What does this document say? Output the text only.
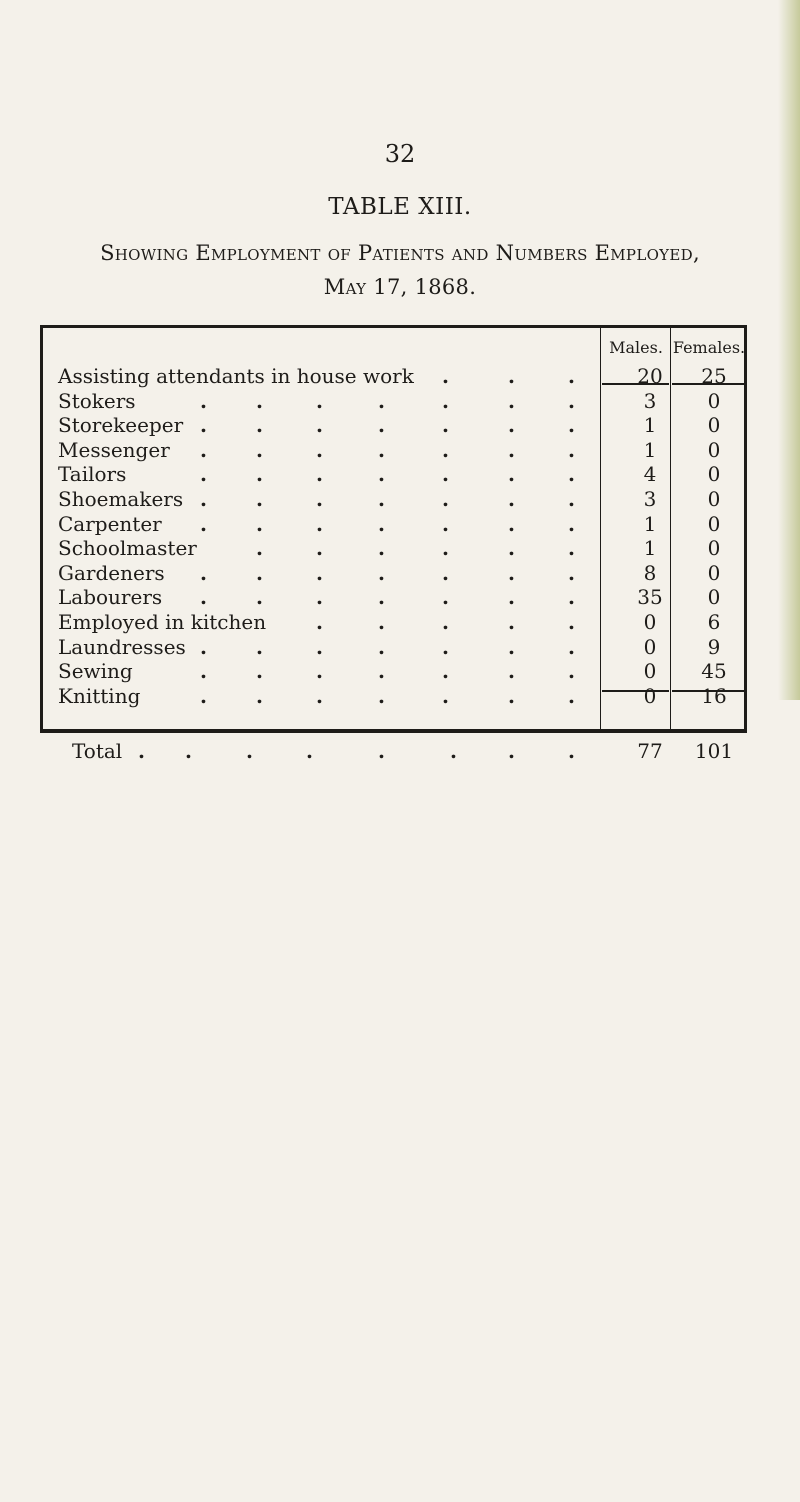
32
TABLE XIII.
Showing Employment of Patients and Numbers Employed,
May 17, 1868.
Males. Females.
Assisting attendants in house work .	.	.	20	25
Stokers	. .	.	.	.	.	.	3	0
Storekeeper . .	.	.	.	.	.	1	0
Messenger . .	.	.	.	.	.	1	0
Tailors	. .	.	.	.	.	.	4	0
Shoemakers . .	.	.	.	.	.	3	0
Carpenter . .	.	.	.	.	.	1	0
Schoolmaster	.	.	.	.	.	.	1	0
Gardeners . .	.	.	.	.	.	8	0
Labourers . .	.	.	.	.	.	35	0
Employed in kitchen .	.	.	.	.	0	6
Laundresses . .	.	.	.	.	.	0	9
Sewing	. .	.	.	.	.	.	0	45
Knitting	. .	.	.	.	.	.	0	16
Total . .	.	.	.	.	.	.	77	101
